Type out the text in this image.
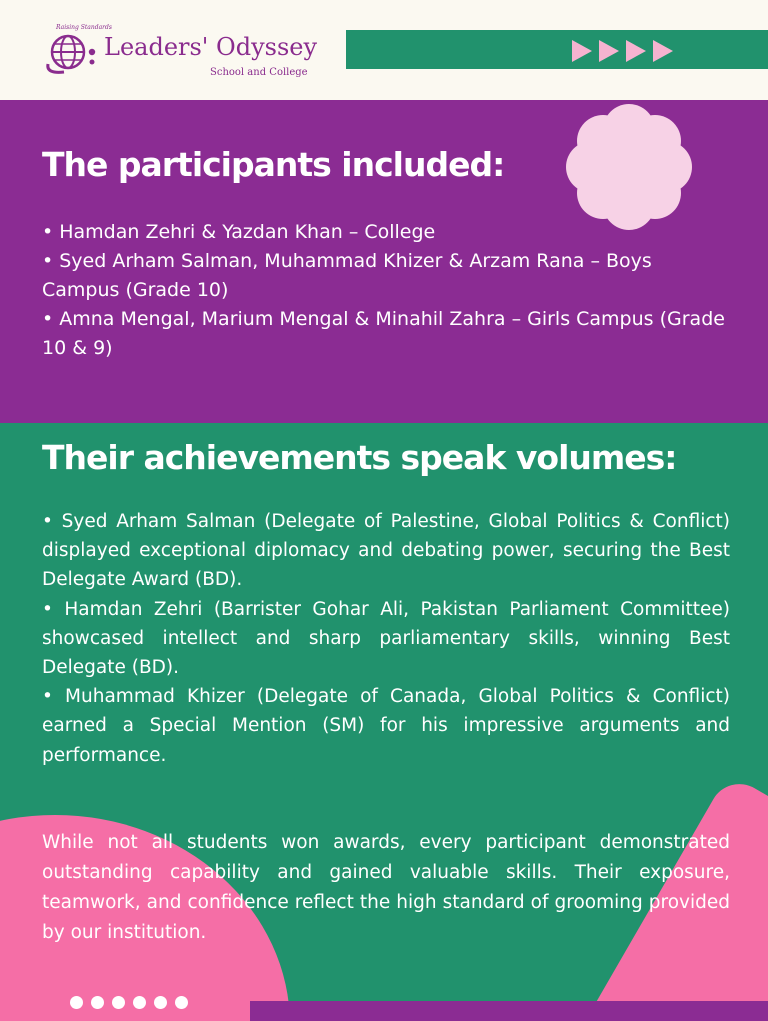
Raising Standards
Leaders' Odyssey
School and College
The participants included:

• Hamdan Zehri & Yazdan Khan – College

• Syed Arham Salman, Muhammad Khizer & Arzam Rana – Boys Campus (Grade 10)

• Amna Mengal, Marium Mengal & Minahil Zahra – Girls Campus (Grade 10 & 9)

Their achievements speak volumes:

• Syed Arham Salman (Delegate of Palestine, Global Politics & Conflict) displayed exceptional diplomacy and debating power, securing the Best Delegate Award (BD).

• Hamdan Zehri (Barrister Gohar Ali, Pakistan Parliament Committee) showcased intellect and sharp parliamentary skills, winning Best Delegate (BD).

• Muhammad Khizer (Delegate of Canada, Global Politics & Conflict) earned a Special Mention (SM) for his impressive arguments and performance.

While not all students won awards, every participant demonstrated outstanding capability and gained valuable skills. Their exposure, teamwork, and confidence reflect the high standard of grooming provided by our institution.
